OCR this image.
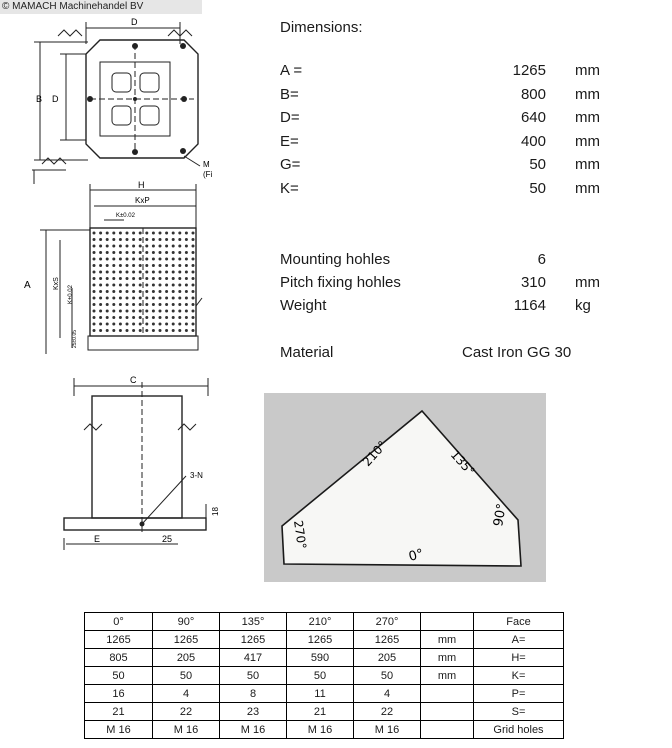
© MAMACH Machinehandel BV
D
B D
M
(Fi
H
KxP
K±0.02
A	KxS
K±0.02
25±0.05
C
3-N
18
E	25
Dimensions:
A =	1265 mm
B=	800 mm
D=	640 mm
E=	400 mm
G=	50 mm
K=	50 mm
Mounting hohles	6
Pitch fixing hohles	310 mm
Weight	1164 kg
Material	Cast Iron GG 30
210°	135°
270°
0°
90°
0°	90°	135°	210°	270°		Face
1265	1265	1265	1265	1265	mm	A=
805	205	417	590	205	mm	H=
50	50	50	50	50	mm	K=
16	4	8	11	4		P=
21	22	23	21	22		S=
M 16	M 16	M 16	M 16	M 16		Grid holes
